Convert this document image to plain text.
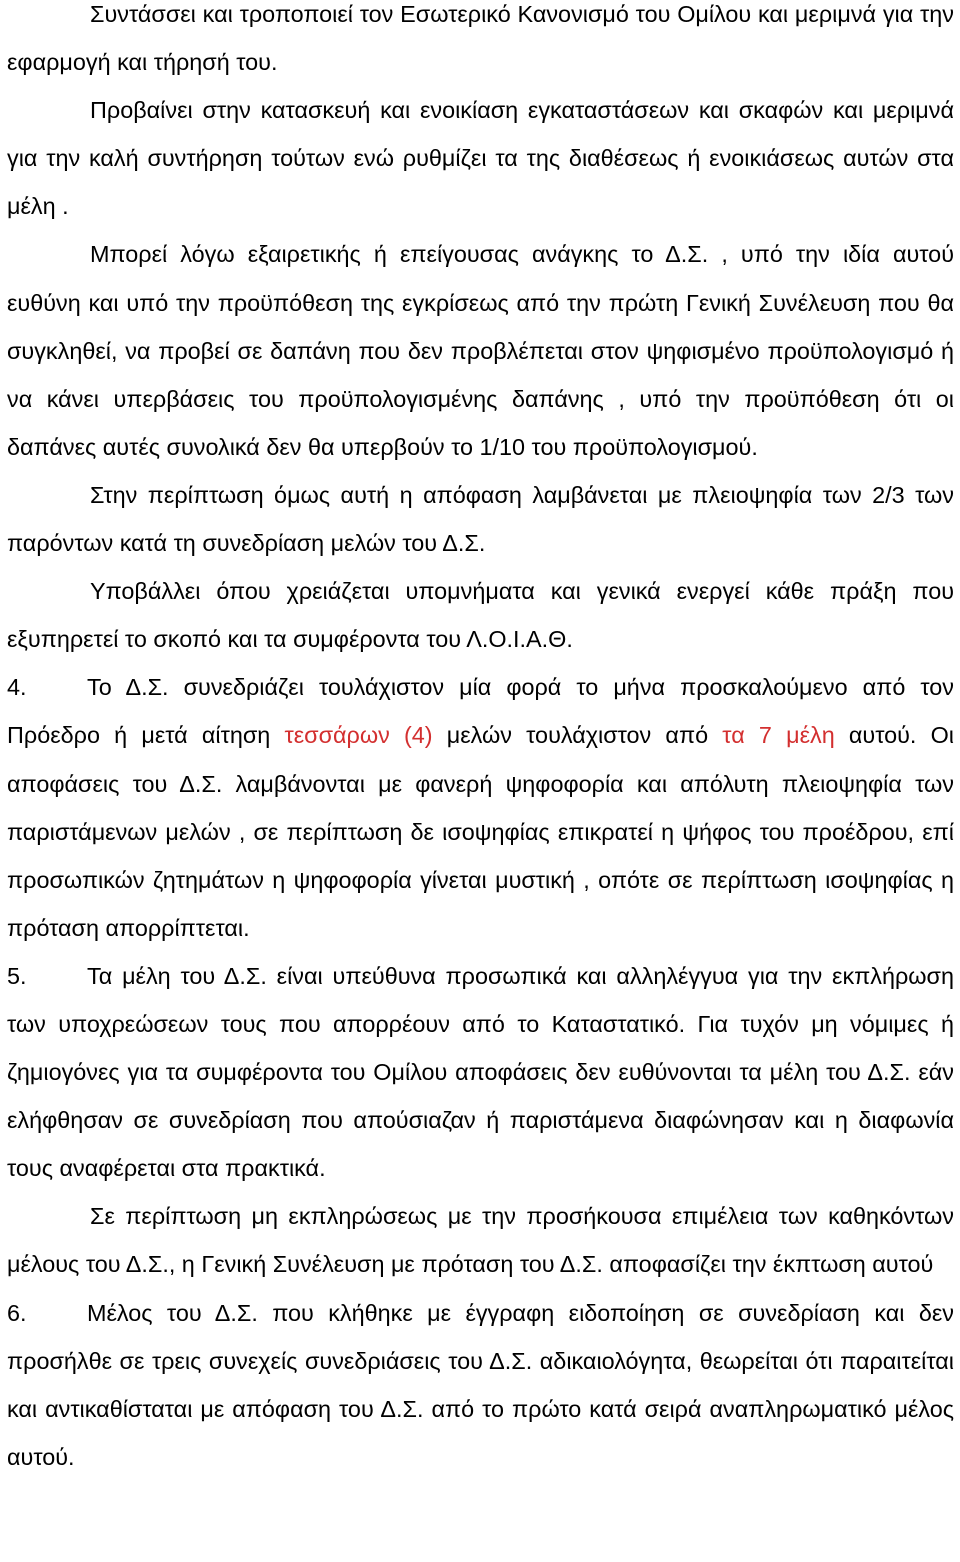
Συντάσσει και τροποποιεί τον Εσωτερικό Κανονισμό του Ομίλου και μεριμνά για την εφαρμογή και τήρησή του.

Προβαίνει στην κατασκευή και ενοικίαση εγκαταστάσεων και σκαφών και μεριμνά για την καλή συντήρηση τούτων ενώ ρυθμίζει τα της διαθέσεως ή ενοικιάσεως αυτών στα μέλη .

Μπορεί λόγω εξαιρετικής ή επείγουσας ανάγκης το Δ.Σ. , υπό την ιδία αυτού ευθύνη και υπό την προϋπόθεση της εγκρίσεως από την πρώτη Γενική Συνέλευση που θα συγκληθεί, να προβεί σε δαπάνη που δεν προβλέπεται στον ψηφισμένο προϋπολογισμό ή να κάνει υπερβάσεις του προϋπολογισμένης δαπάνης , υπό την προϋπόθεση ότι οι δαπάνες αυτές συνολικά δεν θα υπερβούν το 1/10 του προϋπολογισμού.

Στην περίπτωση όμως αυτή η απόφαση λαμβάνεται με πλειοψηφία των 2/3 των παρόντων κατά τη συνεδρίαση μελών του Δ.Σ.

Υποβάλλει όπου χρειάζεται υπομνήματα και γενικά ενεργεί κάθε πράξη που εξυπηρετεί το σκοπό και τα συμφέροντα του Λ.Ο.Ι.Α.Θ.

4.	Το Δ.Σ. συνεδριάζει τουλάχιστον μία φορά το μήνα προσκαλούμενο από τον Πρόεδρο ή μετά αίτηση τεσσάρων (4) μελών τουλάχιστον από τα 7 μέλη αυτού. Οι αποφάσεις του Δ.Σ. λαμβάνονται με φανερή ψηφοφορία και απόλυτη πλειοψηφία των παριστάμενων μελών , σε περίπτωση δε ισοψηφίας επικρατεί η ψήφος του προέδρου, επί προσωπικών ζητημάτων η ψηφοφορία γίνεται μυστική , οπότε σε περίπτωση ισοψηφίας η πρόταση απορρίπτεται.

5.	Τα μέλη του Δ.Σ. είναι υπεύθυνα προσωπικά και αλληλέγγυα για την εκπλήρωση των υποχρεώσεων τους που απορρέουν από το Καταστατικό. Για τυχόν μη νόμιμες ή ζημιογόνες για τα συμφέροντα του Ομίλου αποφάσεις δεν ευθύνονται τα μέλη του Δ.Σ. εάν ελήφθησαν σε συνεδρίαση που απούσιαζαν ή παριστάμενα διαφώνησαν και η διαφωνία τους αναφέρεται στα πρακτικά.

Σε περίπτωση μη εκπληρώσεως με την προσήκουσα επιμέλεια των καθηκόντων μέλους του Δ.Σ., η Γενική Συνέλευση με πρόταση του Δ.Σ. αποφασίζει την έκπτωση αυτού

6.	Μέλος του Δ.Σ. που κλήθηκε με έγγραφη ειδοποίηση σε συνεδρίαση και δεν προσήλθε σε τρεις συνεχείς συνεδριάσεις του Δ.Σ. αδικαιολόγητα, θεωρείται ότι παραιτείται και αντικαθίσταται με απόφαση του Δ.Σ. από το πρώτο κατά σειρά αναπληρωματικό μέλος αυτού.
